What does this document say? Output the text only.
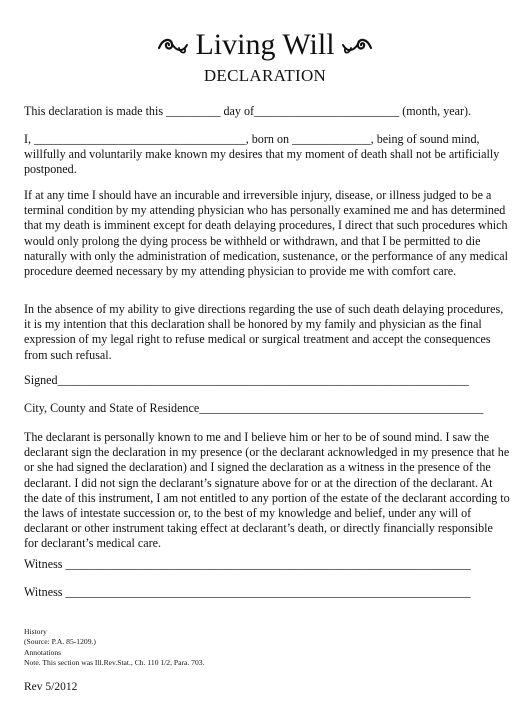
Living Will

DECLARATION

This declaration is made this _________ day of________________________ (month, year).

I, ___________________________________, born on _____________, being of sound mind, willfully and voluntarily make known my desires that my moment of death shall not be artificially postponed.

If at any time I should have an incurable and irreversible injury, disease, or illness judged to be a terminal condition by my attending physician who has personally examined me and has determined that my death is imminent except for death delaying procedures, I direct that such procedures which would only prolong the dying process be withheld or withdrawn, and that I be permitted to die naturally with only the administration of medication, sustenance, or the performance of any medical procedure deemed necessary by my attending physician to provide me with comfort care.

In the absence of my ability to give directions regarding the use of such death delaying procedures, it is my intention that this declaration shall be honored by my family and physician as the final expression of my legal right to refuse medical or surgical treatment and accept the consequences from such refusal.

Signed____________________________________________________________________

City, County and State of Residence_______________________________________________

The declarant is personally known to me and I believe him or her to be of sound mind. I saw the declarant sign the declaration in my presence (or the declarant acknowledged in my presence that he or she had signed the declaration) and I signed the declaration as a witness in the presence of the declarant. I did not sign the declarant’s signature above for or at the direction of the declarant. At the date of this instrument, I am not entitled to any portion of the estate of the declarant according to the laws of intestate succession or, to the best of my knowledge and belief, under any will of declarant or other instrument taking effect at declarant’s death, or directly financially responsible for declarant’s medical care.

Witness ___________________________________________________________________

Witness ___________________________________________________________________

History
(Source: P.A. 85-1209.)
Annotations
Note. This section was Ill.Rev.Stat., Ch. 110 1/2, Para. 703.

Rev 5/2012
